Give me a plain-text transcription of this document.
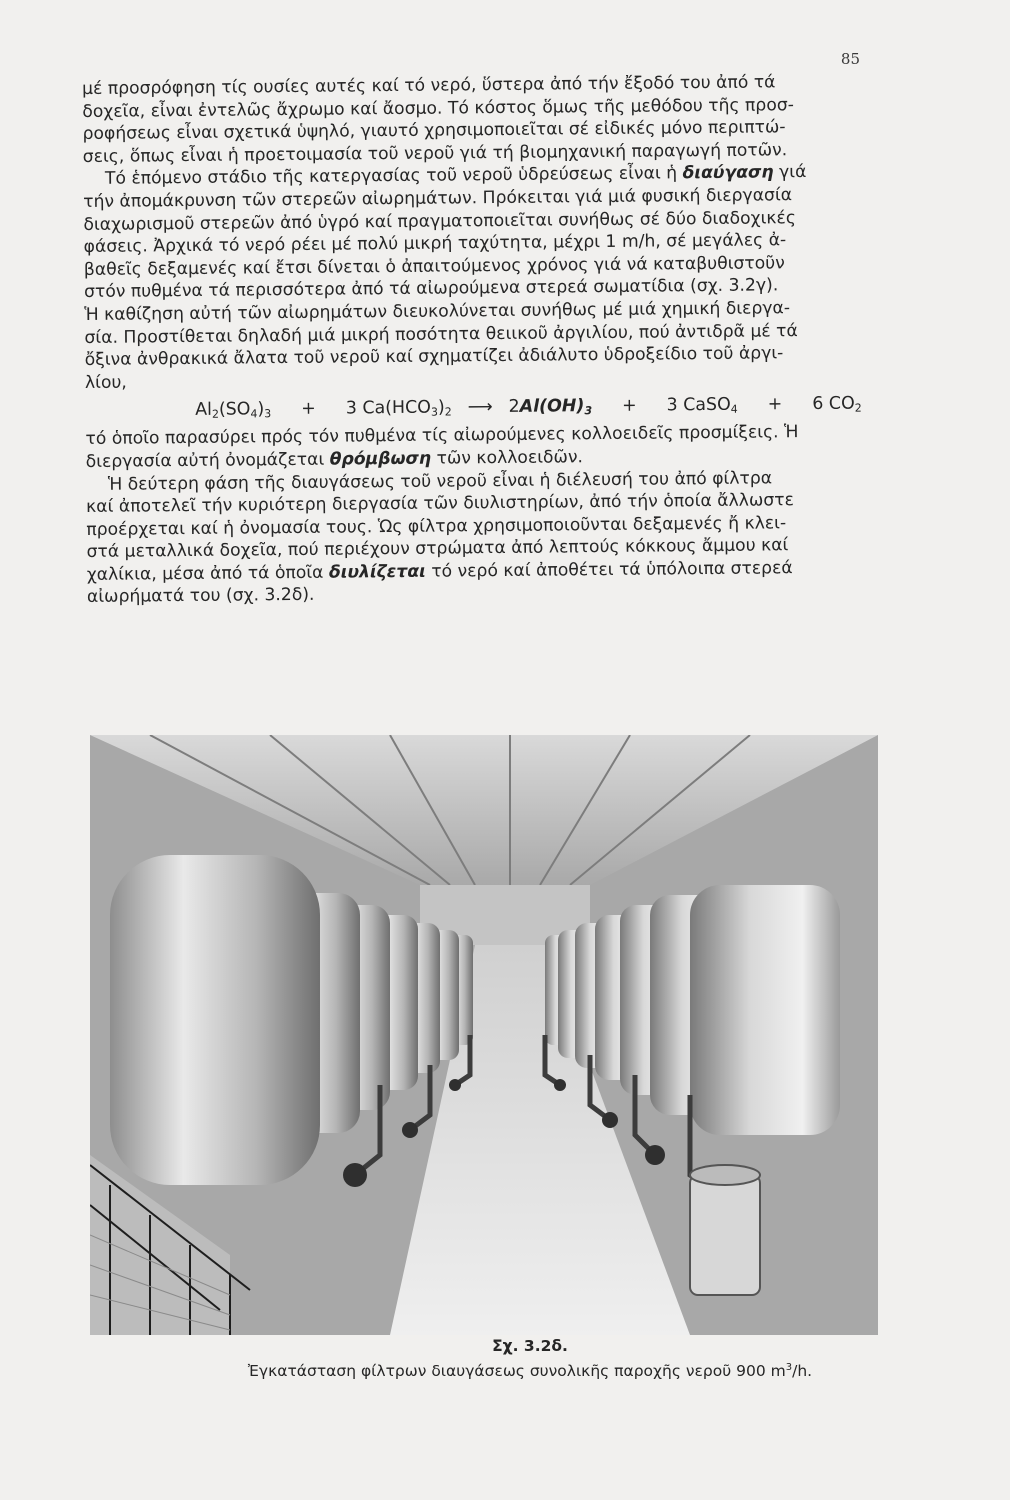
85
μέ προσρόφηση τίς ουσίες αυτές καί τό νερό, ὕστερα ἀπό τήν ἔξοδό του ἀπό τά
δοχεῖα, εἶναι ἐντελῶς ἄχρωμο καί ἄοσμο. Τό κόστος ὅμως τῆς μεθόδου τῆς προσ-
ροφήσεως εἶναι σχετικά ὑψηλό, γιαυτό χρησιμοποιεῖται σέ εἰδικές μόνο περιπτώ-
σεις, ὅπως εἶναι ἡ προετοιμασία τοῦ νεροῦ γιά τή βιομηχανική παραγωγή ποτῶν.
Τό ἑπόμενο στάδιο τῆς κατεργασίας τοῦ νεροῦ ὑδρεύσεως εἶναι ἡ διαύγαση γιά
τήν ἀπομάκρυνση τῶν στερεῶν αἰωρημάτων. Πρόκειται γιά μιά φυσική διεργασία
διαχωρισμοῦ στερεῶν ἀπό ὑγρό καί πραγματοποιεῖται συνήθως σέ δύο διαδοχικές
φάσεις. Ἀρχικά τό νερό ρέει μέ πολύ μικρή ταχύτητα, μέχρι 1 m/h, σέ μεγάλες ἀ-
βαθεῖς δεξαμενές καί ἔτσι δίνεται ὁ ἀπαιτούμενος χρόνος γιά νά καταβυθιστοῦν
στόν πυθμένα τά περισσότερα ἀπό τά αἰωρούμενα στερεά σωματίδια (σχ. 3.2γ).
Ἡ καθίζηση αὐτή τῶν αἰωρημάτων διευκολύνεται συνήθως μέ μιά χημική διεργα-
σία. Προστίθεται δηλαδή μιά μικρή ποσότητα θειικοῦ ἀργιλίου, πού ἀντιδρᾶ μέ τά
ὄξινα ἀνθρακικά ἄλατα τοῦ νεροῦ καί σχηματίζει ἀδιάλυτο ὑδροξείδιο τοῦ ἀργι-
λίου,
$Al_2(SO_4)_3 + 3$ $Ca(HCO_3)_2$ ⟶ $2Al(OH)_3 + 3$ CaSO$_4$ + 6 $CO_2$
τό ὁποῖο παρασύρει πρός τόν πυθμένα τίς αἰωρούμενες κολλοειδεῖς προσμίξεις. Ἡ
διεργασία αὐτή ὀνομάζεται θρόμβωση τῶν κολλοειδῶν.
Ἡ δεύτερη φάση τῆς διαυγάσεως τοῦ νεροῦ εἶναι ἡ διέλευσή του ἀπό φίλτρα
καί ἀποτελεῖ τήν κυριότερη διεργασία τῶν διυλιστηρίων, ἀπό τήν ὁποία ἄλλωστε
προέρχεται καί ἡ ὀνομασία τους. Ὡς φίλτρα χρησιμοποιοῦνται δεξαμενές ἤ κλει-
στά μεταλλικά δοχεῖα, πού περιέχουν στρώματα ἀπό λεπτούς κόκκους ἄμμου καί
χαλίκια, μέσα ἀπό τά ὁποῖα διυλίζεται τό νερό καί ἀποθέτει τά ὑπόλοιπα στερεά
αἰωρήματά του (σχ. 3.2δ).
Σχ. 3.2δ.
Ἐγκατάσταση φίλτρων διαυγάσεως συνολικῆς παροχῆς νεροῦ 900 $m^3/h$.
